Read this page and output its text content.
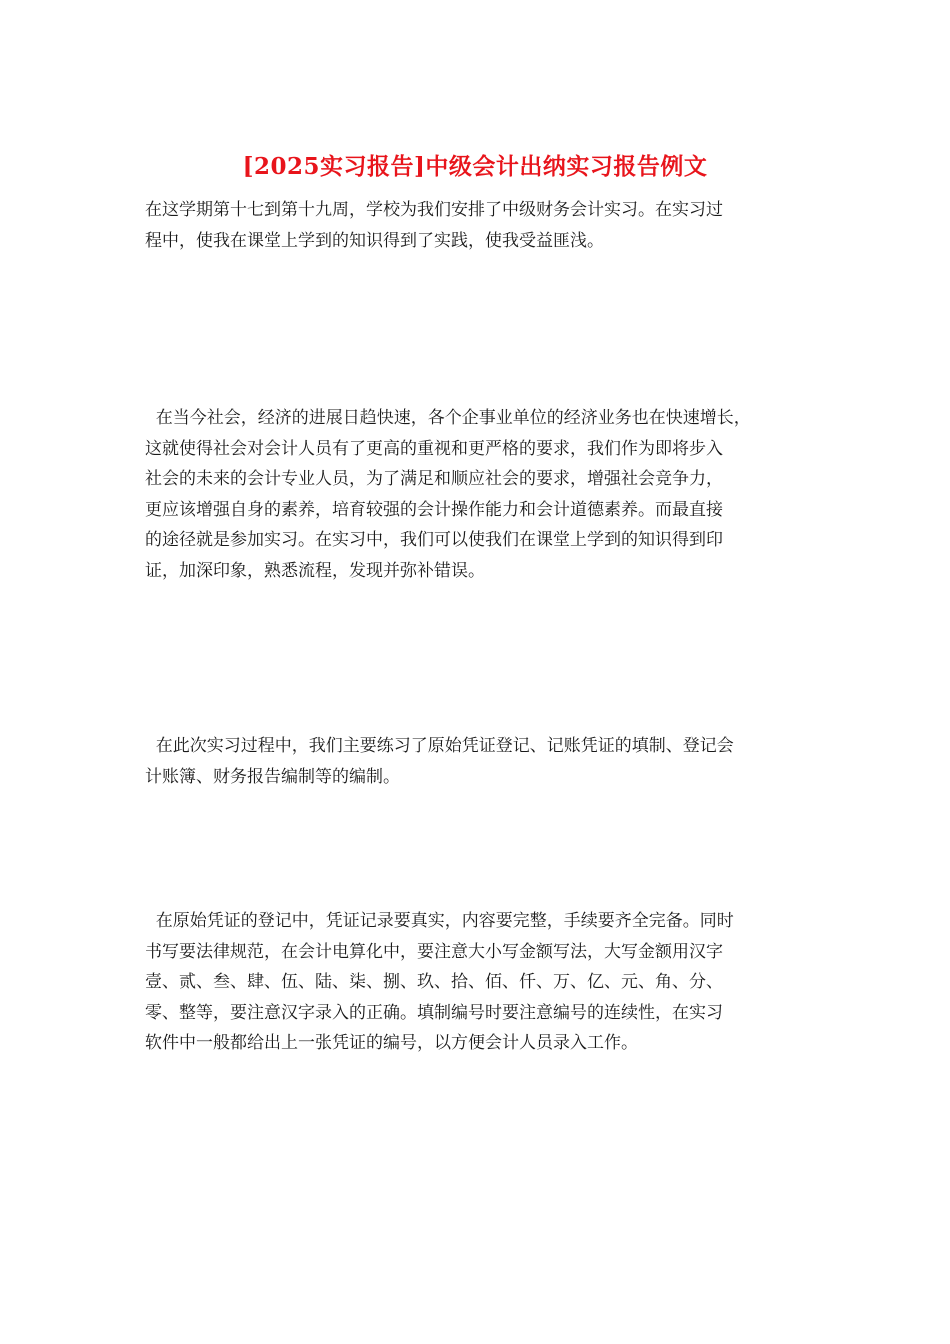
[2025实习报告]中级会计出纳实习报告例文

在这学期第十七到第十九周，学校为我们安排了中级财务会计实习。在实习过
程中，使我在课堂上学到的知识得到了实践，使我受益匪浅。

在当今社会，经济的进展日趋快速，各个企事业单位的经济业务也在快速增长，
这就使得社会对会计人员有了更高的重视和更严格的要求，我们作为即将步入
社会的未来的会计专业人员，为了满足和顺应社会的要求，增强社会竞争力，
更应该增强自身的素养，培育较强的会计操作能力和会计道德素养。而最直接
的途径就是参加实习。在实习中，我们可以使我们在课堂上学到的知识得到印
证，加深印象，熟悉流程，发现并弥补错误。

在此次实习过程中，我们主要练习了原始凭证登记、记账凭证的填制、登记会
计账簿、财务报告编制等的编制。

在原始凭证的登记中，凭证记录要真实，内容要完整，手续要齐全完备。同时
书写要法律规范，在会计电算化中，要注意大小写金额写法，大写金额用汉字
壹、贰、叁、肆、伍、陆、柒、捌、玖、拾、佰、仟、万、亿、元、角、分、
零、整等，要注意汉字录入的正确。填制编号时要注意编号的连续性，在实习
软件中一般都给出上一张凭证的编号，以方便会计人员录入工作。
